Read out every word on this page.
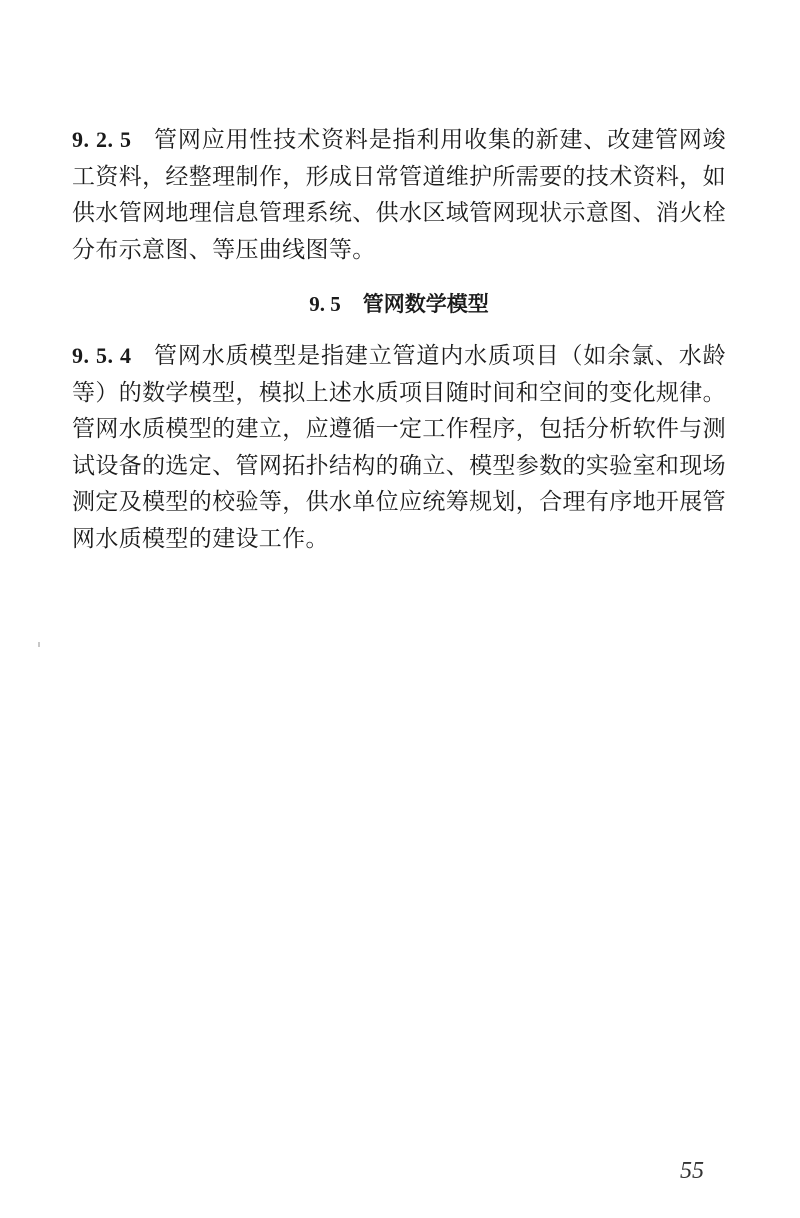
9. 2. 5 管网应用性技术资料是指利用收集的新建、改建管网竣工资料，经整理制作，形成日常管道维护所需要的技术资料，如供水管网地理信息管理系统、供水区域管网现状示意图、消火栓分布示意图、等压曲线图等。

9. 5 管网数学模型

9. 5. 4 管网水质模型是指建立管道内水质项目（如余氯、水龄等）的数学模型，模拟上述水质项目随时间和空间的变化规律。管网水质模型的建立，应遵循一定工作程序，包括分析软件与测试设备的选定、管网拓扑结构的确立、模型参数的实验室和现场测定及模型的校验等，供水单位应统筹规划，合理有序地开展管网水质模型的建设工作。

55
